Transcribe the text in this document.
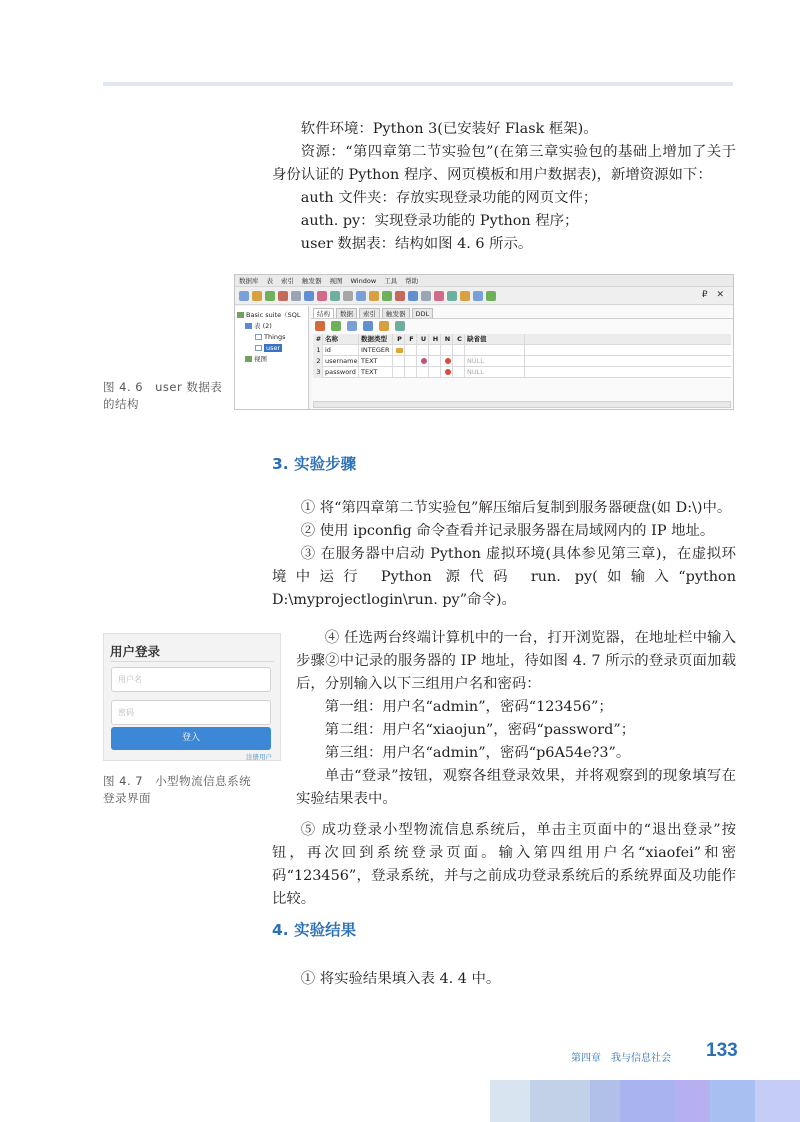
软件环境：Python 3(已安装好 Flask 框架)。

资源：“第四章第二节实验包”(在第三章实验包的基础上增加了关于身份认证的 Python 程序、网页模板和用户数据表)，新增资源如下：

auth 文件夹：存放实现登录功能的网页文件；

auth. py：实现登录功能的 Python 程序；

user 数据表：结构如图 4. 6 所示。

数据库 表 索引 触发器 视图 Window 工具 帮助
₽ ✕
Basic suite（SQL
表 (2)
Things
user
视图
结构	数据	索引	触发器	DDL
# 名称	数据类型	P	F	U	H	N	C 缺省值
1 id	INTEGER
2 username TEXT	NULL
3 password TEXT	NULL
图 4. 6　user 数据表的结构
3. 实验步骤

① 将“第四章第二节实验包”解压缩后复制到服务器硬盘(如 D:\)中。

② 使用 ipconfig 命令查看并记录服务器在局域网内的 IP 地址。

③ 在服务器中启动 Python 虚拟环境(具体参见第三章)，在虚拟环境中运行 Python 源代码 run. py(如输入“python D:\myprojectlogin\run. py”命令)。

用户登录
用户名
密码
登入
注册用户
图 4. 7　小型物流信息系统登录界面

④ 任选两台终端计算机中的一台，打开浏览器，在地址栏中输入步骤②中记录的服务器的 IP 地址，待如图 4. 7 所示的登录页面加载后，分别输入以下三组用户名和密码：

第一组：用户名“admin”，密码“123456”；

第二组：用户名“xiaojun”，密码“password”；

第三组：用户名“admin”，密码“p6A54e?3”。

单击“登录”按钮，观察各组登录效果，并将观察到的现象填写在实验结果表中。

⑤ 成功登录小型物流信息系统后，单击主页面中的“退出登录”按钮，再次回到系统登录页面。输入第四组用户名“xiaofei”和密码“123456”，登录系统，并与之前成功登录系统后的系统界面及功能作比较。

4. 实验结果

① 将实验结果填入表 4. 4 中。

第四章　我与信息社会 133
